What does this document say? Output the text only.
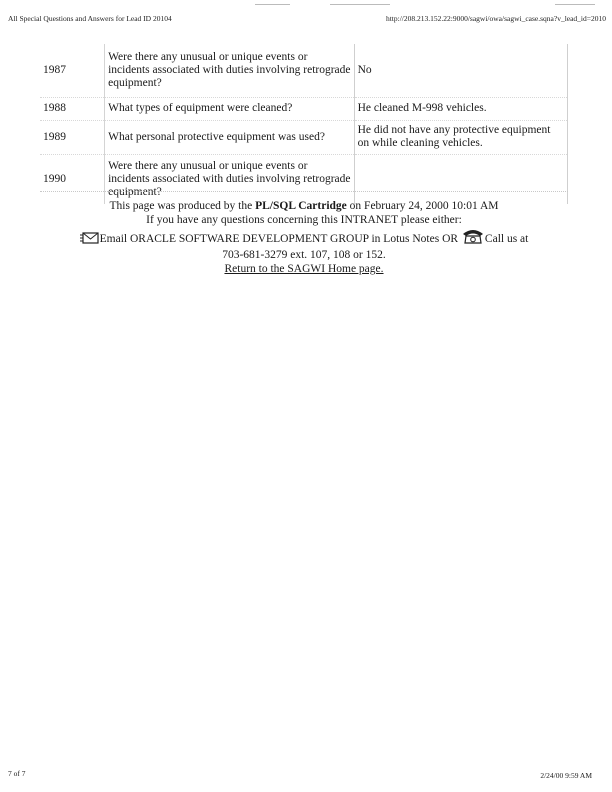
All Special Questions and Answers for Lead ID 20104	http://208.213.152.22:9000/sagwi/owa/sagwi_case.sqna?v_lead_id=2010
1987	Were there any unusual or unique events or incidents associated with duties involving retrograde equipment?	No
1988	What types of equipment were cleaned?	He cleaned M-998 vehicles.
1989	What personal protective equipment was used?	He did not have any protective equipment on while cleaning vehicles.
1990	Were there any unusual or unique events or incidents associated with duties involving retrograde equipment?	

This page was produced by the PL/SQL Cartridge on February 24, 2000 10:01 AM

If you have any questions concerning this INTRANET please either:

Email ORACLE SOFTWARE DEVELOPMENT GROUP in Lotus Notes OR Call us at

703-681-3279 ext. 107, 108 or 152.

Return to the SAGWI Home page.

7 of 7	2/24/00 9:59 AM
